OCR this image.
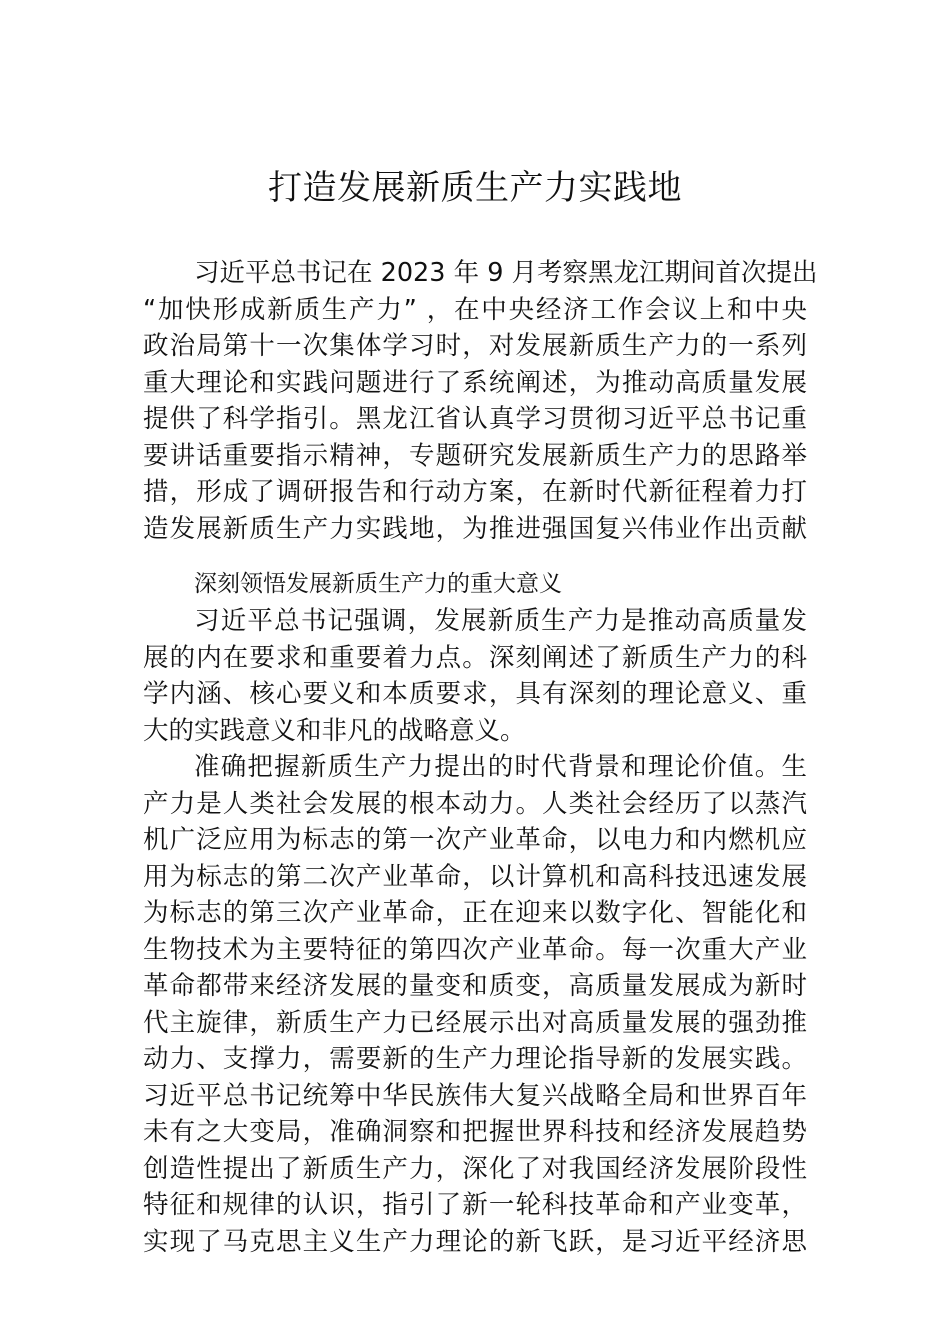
打造发展新质生产力实践地
习近平总书记在 2023 年 9 月考察黑龙江期间首次提出
“加快形成新质生产力” ，在中央经济工作会议上和中央
政治局第十一次集体学习时，对发展新质生产力的一系列
重大理论和实践问题进行了系统阐述，为推动高质量发展
提供了科学指引。黑龙江省认真学习贯彻习近平总书记重
要讲话重要指示精神，专题研究发展新质生产力的思路举
措，形成了调研报告和行动方案，在新时代新征程着力打
造发展新质生产力实践地，为推进强国复兴伟业作出贡献
深刻领悟发展新质生产力的重大意义
习近平总书记强调，发展新质生产力是推动高质量发
展的内在要求和重要着力点。深刻阐述了新质生产力的科
学内涵、核心要义和本质要求，具有深刻的理论意义、重
大的实践意义和非凡的战略意义。
准确把握新质生产力提出的时代背景和理论价值。生
产力是人类社会发展的根本动力。人类社会经历了以蒸汽
机广泛应用为标志的第一次产业革命，以电力和内燃机应
用为标志的第二次产业革命，以计算机和高科技迅速发展
为标志的第三次产业革命，正在迎来以数字化、智能化和
生物技术为主要特征的第四次产业革命。每一次重大产业
革命都带来经济发展的量变和质变，高质量发展成为新时
代主旋律，新质生产力已经展示出对高质量发展的强劲推
动力、支撑力，需要新的生产力理论指导新的发展实践。
习近平总书记统筹中华民族伟大复兴战略全局和世界百年
未有之大变局，准确洞察和把握世界科技和经济发展趋势
创造性提出了新质生产力，深化了对我国经济发展阶段性
特征和规律的认识，指引了新一轮科技革命和产业变革，
实现了马克思主义生产力理论的新飞跃，是习近平经济思
